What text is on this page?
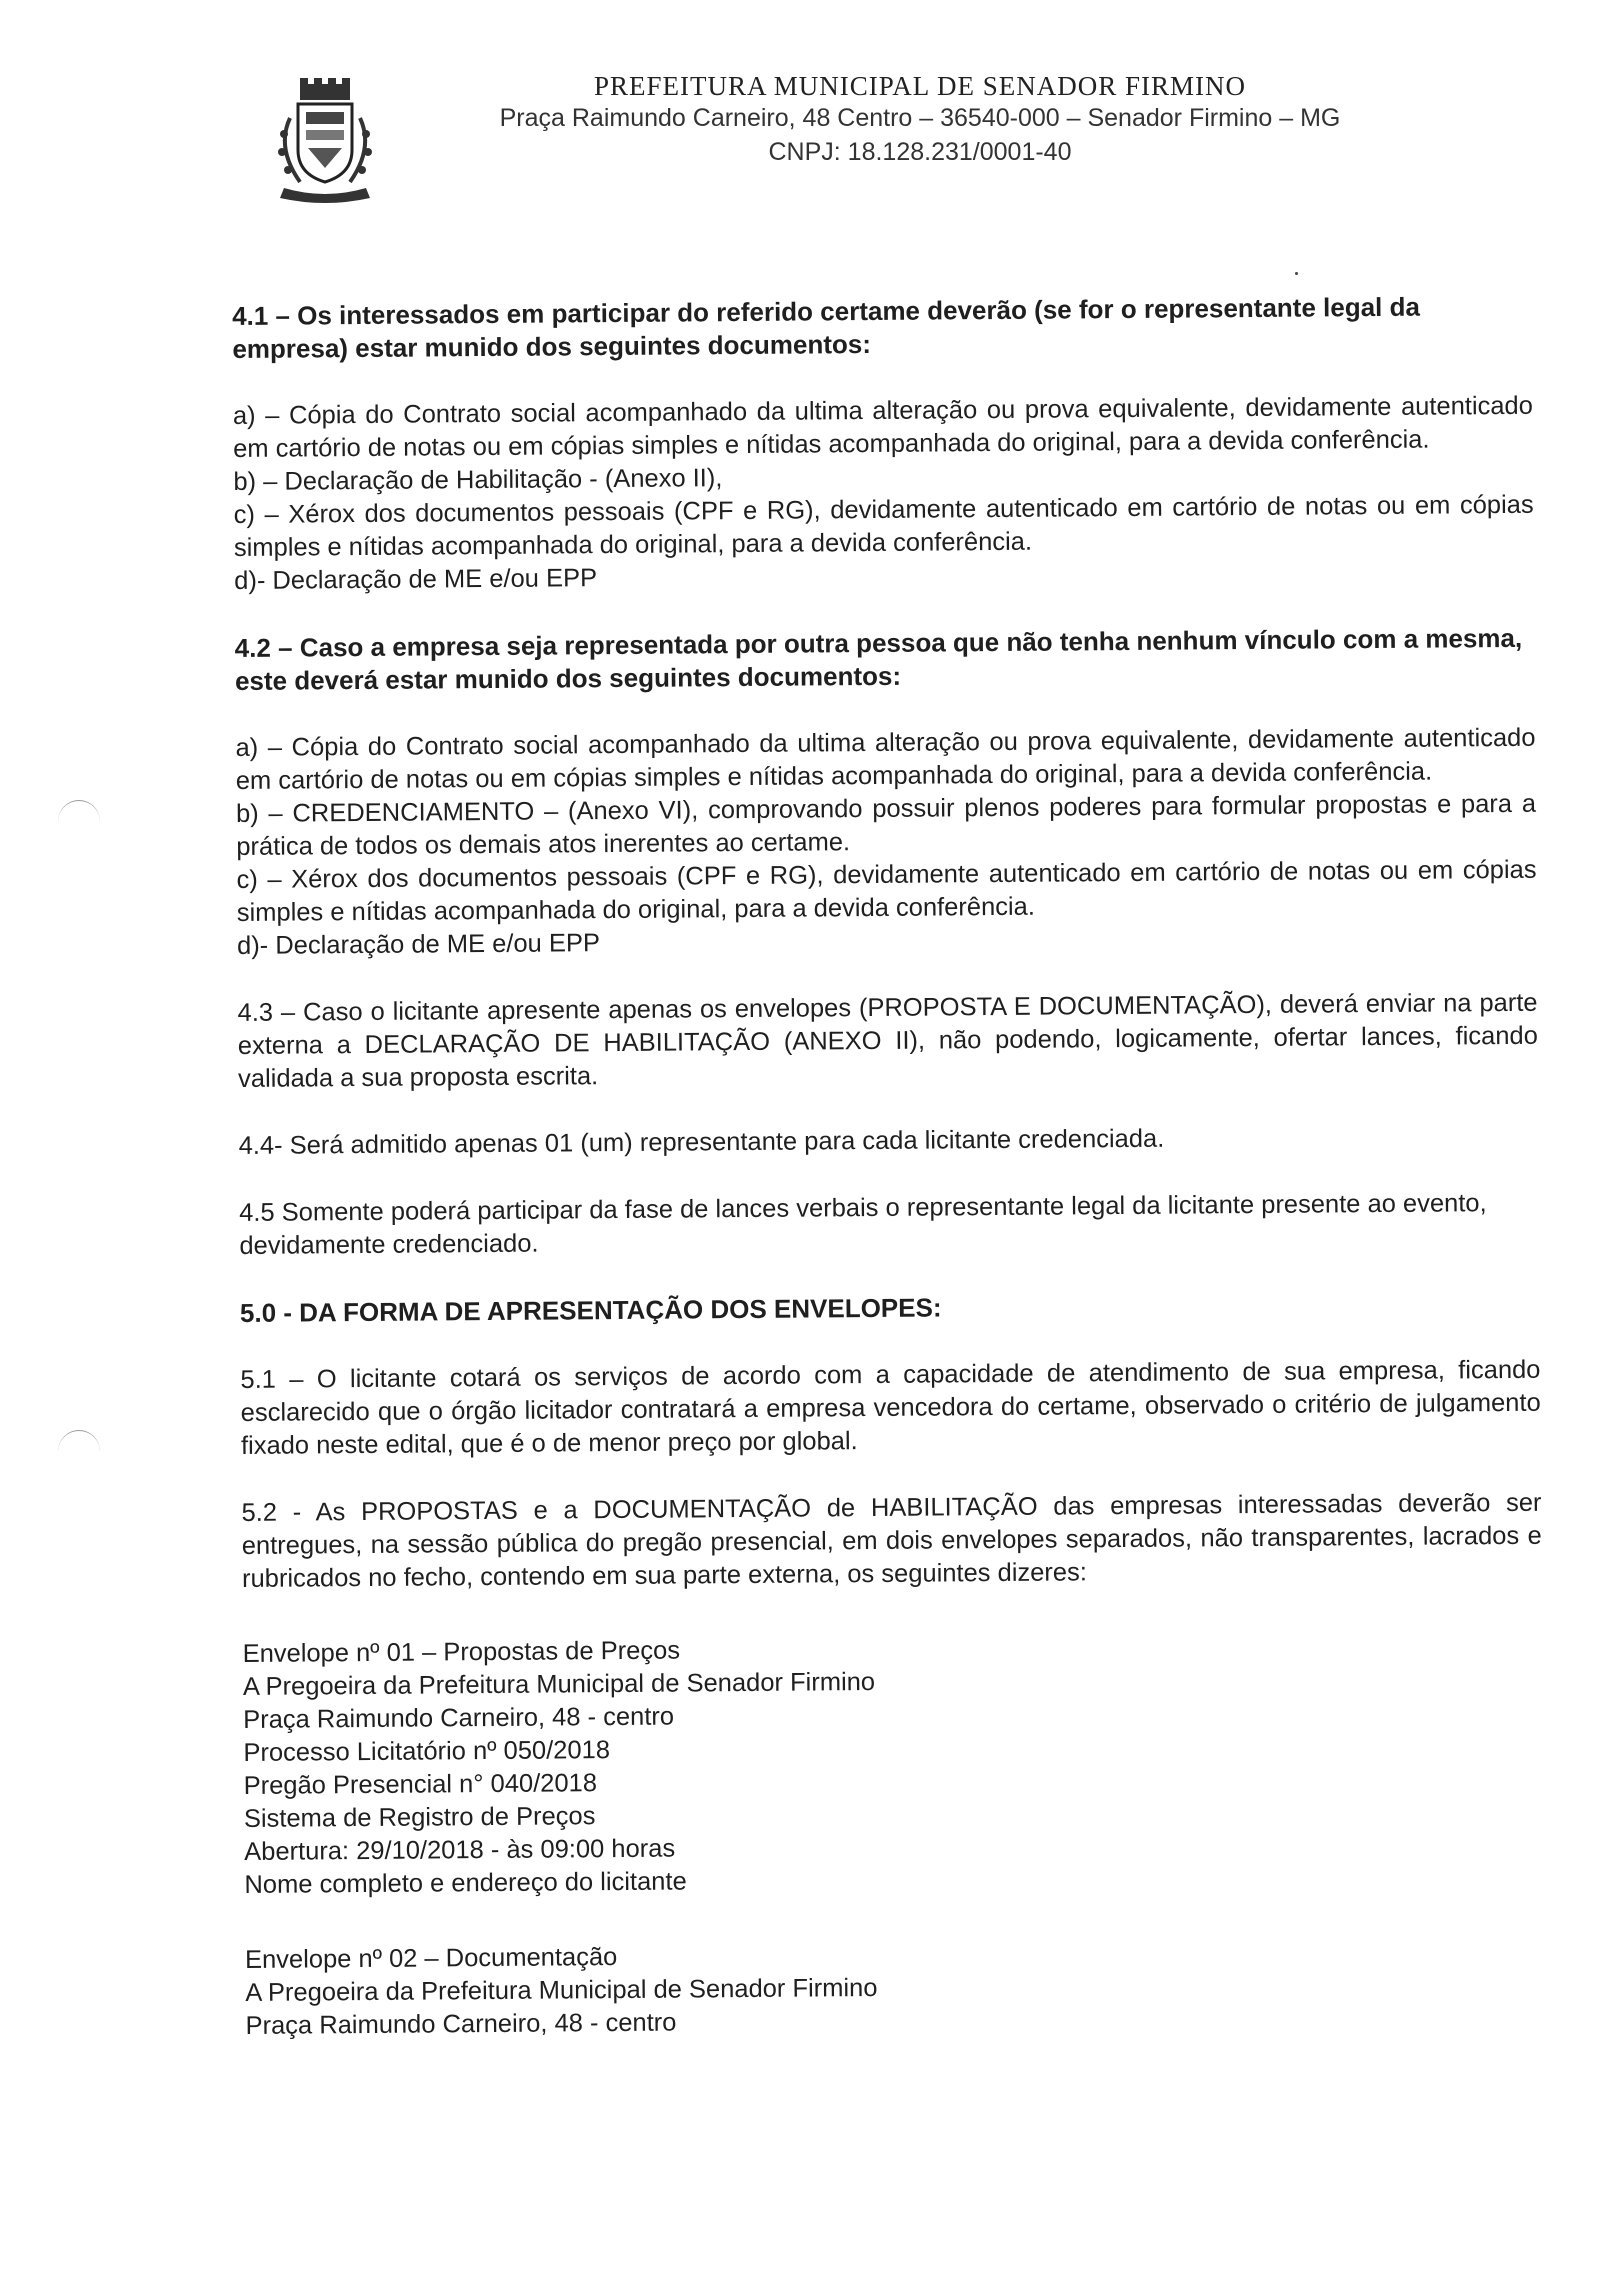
PREFEITURA MUNICIPAL DE SENADOR FIRMINO
Praça Raimundo Carneiro, 48 Centro – 36540-000 – Senador Firmino – MG
CNPJ: 18.128.231/0001-40

4.1 – Os interessados em participar do referido certame deverão (se for o representante legal da empresa) estar munido dos seguintes documentos:

a) – Cópia do Contrato social acompanhado da ultima alteração ou prova equivalente, devidamente autenticado em cartório de notas ou em cópias simples e nítidas acompanhada do original, para a devida conferência.

b) – Declaração de Habilitação - (Anexo II),

c) – Xérox dos documentos pessoais (CPF e RG), devidamente autenticado em cartório de notas ou em cópias simples e nítidas acompanhada do original, para a devida conferência.

d)- Declaração de ME e/ou EPP

4.2 – Caso a empresa seja representada por outra pessoa que não tenha nenhum vínculo com a mesma, este deverá estar munido dos seguintes documentos:

a) – Cópia do Contrato social acompanhado da ultima alteração ou prova equivalente, devidamente autenticado em cartório de notas ou em cópias simples e nítidas acompanhada do original, para a devida conferência.

b) – CREDENCIAMENTO – (Anexo VI), comprovando possuir plenos poderes para formular propostas e para a prática de todos os demais atos inerentes ao certame.

c) – Xérox dos documentos pessoais (CPF e RG), devidamente autenticado em cartório de notas ou em cópias simples e nítidas acompanhada do original, para a devida conferência.

d)- Declaração de ME e/ou EPP

4.3 – Caso o licitante apresente apenas os envelopes (PROPOSTA E DOCUMENTAÇÃO), deverá enviar na parte externa a DECLARAÇÃO DE HABILITAÇÃO (ANEXO II), não podendo, logicamente, ofertar lances, ficando validada a sua proposta escrita.

4.4- Será admitido apenas 01 (um) representante para cada licitante credenciada.

4.5 Somente poderá participar da fase de lances verbais o representante legal da licitante presente ao evento, devidamente credenciado.

5.0 - DA FORMA DE APRESENTAÇÃO DOS ENVELOPES:

5.1 – O licitante cotará os serviços de acordo com a capacidade de atendimento de sua empresa, ficando esclarecido que o órgão licitador contratará a empresa vencedora do certame, observado o critério de julgamento fixado neste edital, que é o de menor preço por global.

5.2 - As PROPOSTAS e a DOCUMENTAÇÃO de HABILITAÇÃO das empresas interessadas deverão ser entregues, na sessão pública do pregão presencial, em dois envelopes separados, não transparentes, lacrados e rubricados no fecho, contendo em sua parte externa, os seguintes dizeres:

Envelope nº 01 – Propostas de Preços

A Pregoeira da Prefeitura Municipal de Senador Firmino

Praça Raimundo Carneiro, 48 - centro

Processo Licitatório nº 050/2018

Pregão Presencial n° 040/2018

Sistema de Registro de Preços

Abertura: 29/10/2018 - às 09:00 horas

Nome completo e endereço do licitante

Envelope nº 02 – Documentação

A Pregoeira da Prefeitura Municipal de Senador Firmino

Praça Raimundo Carneiro, 48 - centro
